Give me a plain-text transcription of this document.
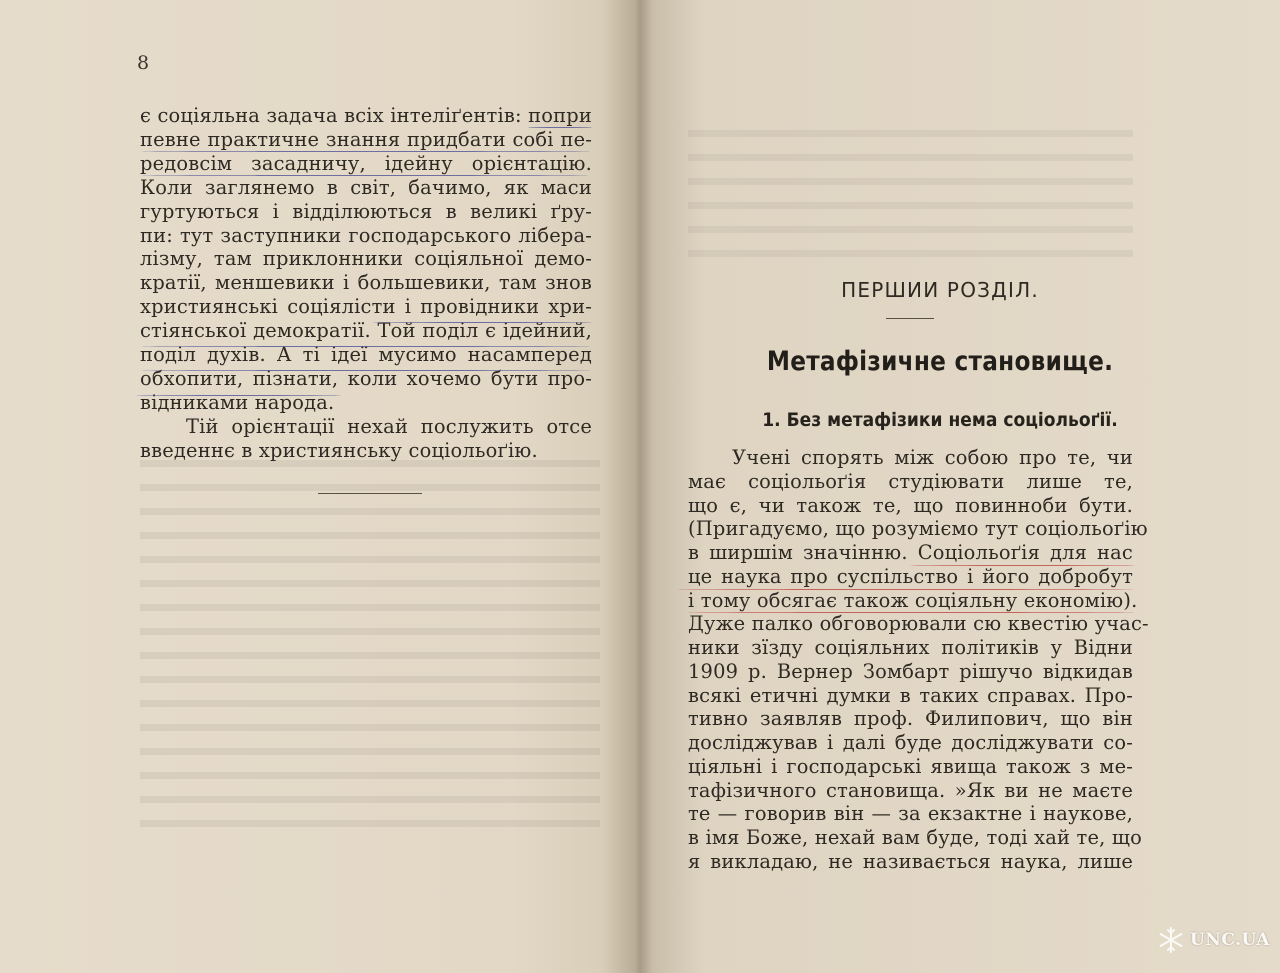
8
є соціяльна задача всіх інтеліґентів: попри
певне практичне знання придбати собі пе-
редовсім засадничу, ідейну орієнтацію.
Коли заглянемо в світ, бачимо, як маси
гуртуються і відділюються в великі ґру-
пи: тут заступники господарського лібера-
лізму, там приклонники соціяльної демо-
кратії, меншевики і большевики, там знов
християнські соціялісти і провідники хри-
стіянської демократії. Той поділ є ідейний,
поділ духів. А ті ідеї мусимо насамперед
обхопити, пізнати, коли хочемо бути про-
відниками народа.
Тій орієнтації нехай послужить отсе
введеннє в християнську соціольоґію.
ПЕРШИИ РОЗДІЛ.
Метафізичне становище.
1. Без метафізики нема соціольоґії.
Учені спорять між собою про те, чи
має соціольоґія студіювати лише те,
що є, чи також те, що повинноби бути.
(Пригадуємо, що розуміємо тут соціольоґію
в ширшім значінню. Соціольоґія для нас
це наука про суспільство і його добробут
і тому обсягає також соціяльну економію).
Дуже палко обговорювали сю квестію учас-
ники зїзду соціяльних політиків у Відни
1909 р. Вернер Зомбарт рішучо відкидав
всякі етичні думки в таких справах. Про-
тивно заявляв проф. Филипович, що він
досліджував і далі буде досліджувати со-
ціяльні і господарські явища також з ме-
тафізичного становища. »Як ви не маєте
те — говорив він — за екзактне і наукове,
в імя Боже, нехай вам буде, тоді хай те, що
я викладаю, не називається наука, лише
UNC.UA
